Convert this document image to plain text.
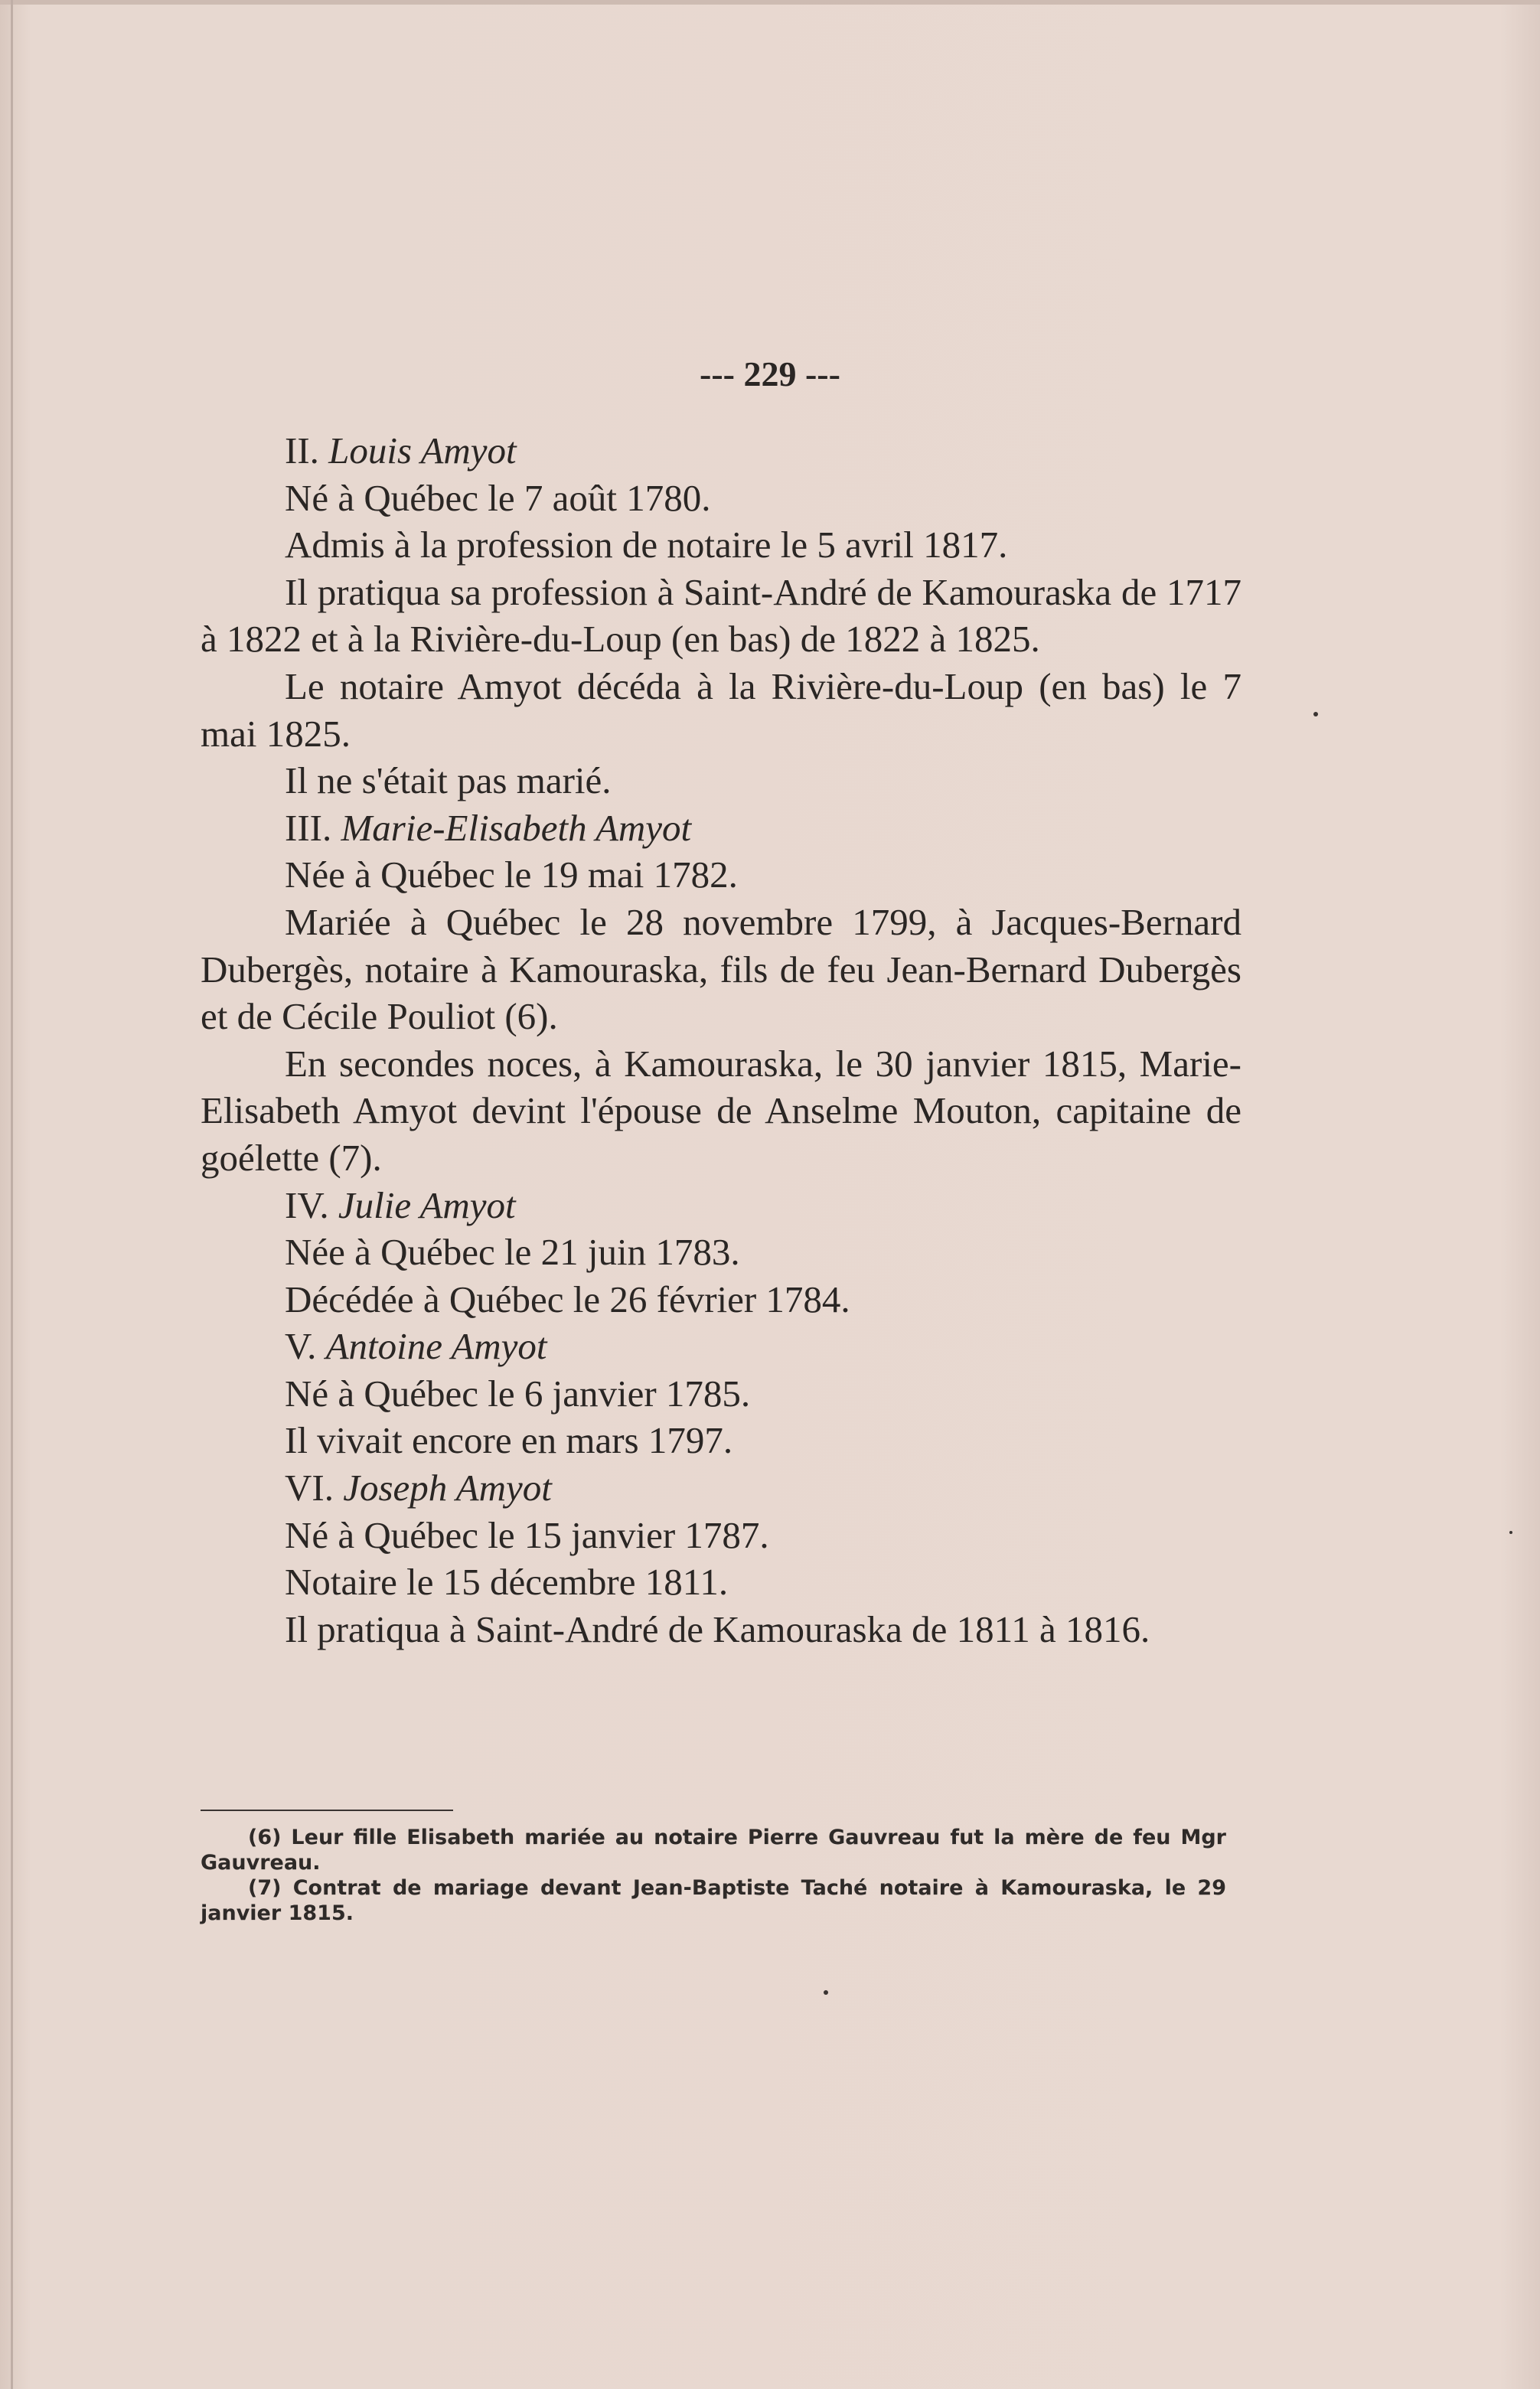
--- 229 ---
II. Louis Amyot

Né à Québec le 7 août 1780.

Admis à la profession de notaire le 5 avril 1817.

Il pratiqua sa profession à Saint-André de Kamouraska de 1717 à 1822 et à la Rivière-du-Loup (en bas) de 1822 à 1825.

Le notaire Amyot décéda à la Rivière-du-Loup (en bas) le 7 mai 1825.

Il ne s'était pas marié.

III. Marie-Elisabeth Amyot

Née à Québec le 19 mai 1782.

Mariée à Québec le 28 novembre 1799, à Jacques-Bernard Dubergès, notaire à Kamouraska, fils de feu Jean-Bernard Dubergès et de Cécile Pouliot (6).

En secondes noces, à Kamouraska, le 30 janvier 1815, Marie-Elisabeth Amyot devint l'épouse de Anselme Mouton, capitaine de goélette (7).

IV. Julie Amyot

Née à Québec le 21 juin 1783.

Décédée à Québec le 26 février 1784.

V. Antoine Amyot

Né à Québec le 6 janvier 1785.

Il vivait encore en mars 1797.

VI. Joseph Amyot

Né à Québec le 15 janvier 1787.

Notaire le 15 décembre 1811.

Il pratiqua à Saint-André de Kamouraska de 1811 à 1816.

(6) Leur fille Elisabeth mariée au notaire Pierre Gauvreau fut la mère de feu Mgr Gauvreau.

(7) Contrat de mariage devant Jean-Baptiste Taché notaire à Kamouraska, le 29 janvier 1815.
